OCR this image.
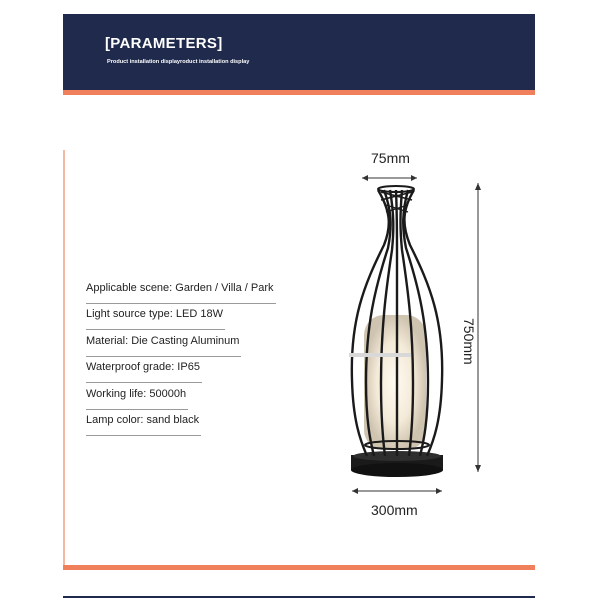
[PARAMETERS]
Product installation displayroduct installation display
Applicable scene: Garden / Villa / Park
Light source type: LED 18W
Material: Die Casting Aluminum
Waterproof grade: IP65
Working life: 50000h
Lamp color: sand black
75mm
750mm
300mm
